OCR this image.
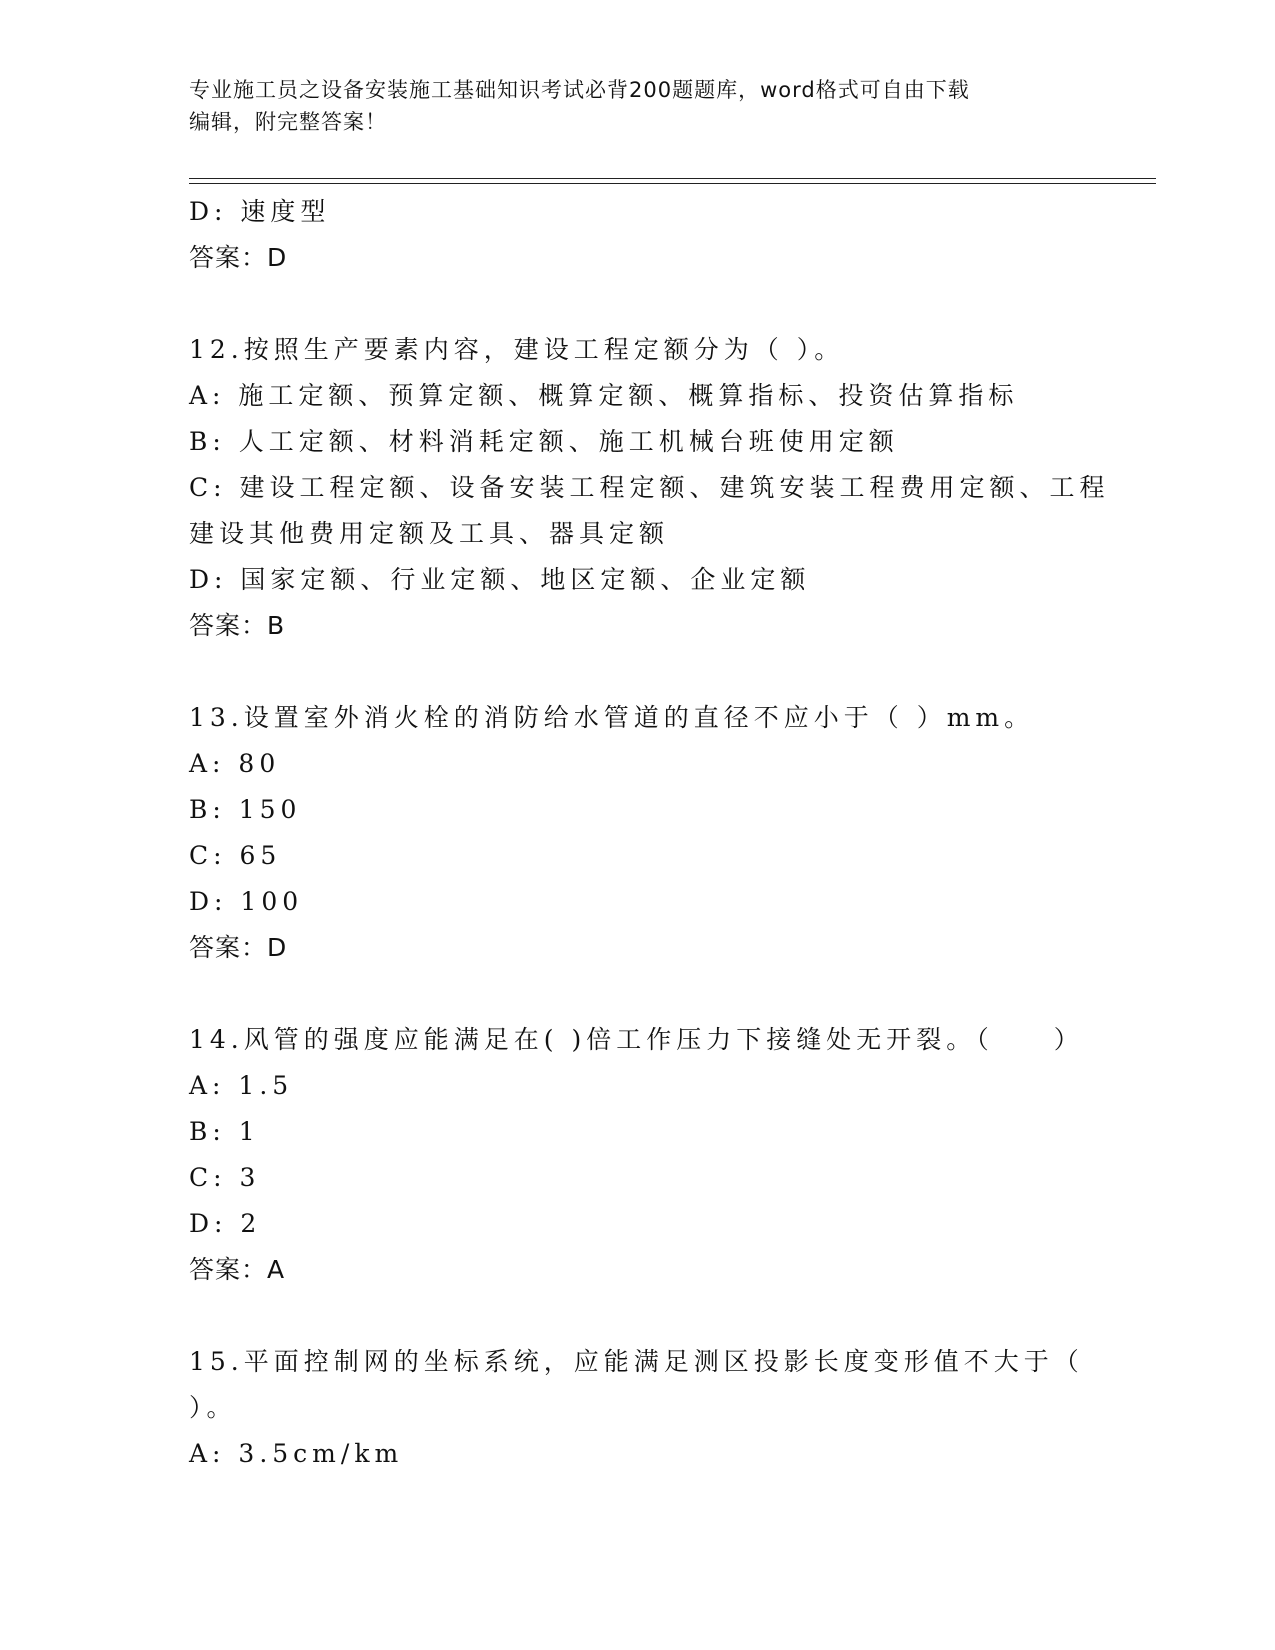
专业施工员之设备安装施工基础知识考试必背200题题库，word格式可自由下载
编辑，附完整答案！
D: 速度型
答案：D
12.按照生产要素内容，建设工程定额分为（ ）。
A: 施工定额、预算定额、概算定额、概算指标、投资估算指标
B: 人工定额、材料消耗定额、施工机械台班使用定额
C: 建设工程定额、设备安装工程定额、建筑安装工程费用定额、工程
建设其他费用定额及工具、器具定额
D: 国家定额、行业定额、地区定额、企业定额
答案：B
13.设置室外消火栓的消防给水管道的直径不应小于（ ）mm。
A: 80
B: 150
C: 65
D: 100
答案：D
14.风管的强度应能满足在( )倍工作压力下接缝处无开裂。（　　）
A: 1.5
B: 1
C: 3
D: 2
答案：A
15.平面控制网的坐标系统，应能满足测区投影长度变形值不大于（
）。
A: 3.5cm/km
